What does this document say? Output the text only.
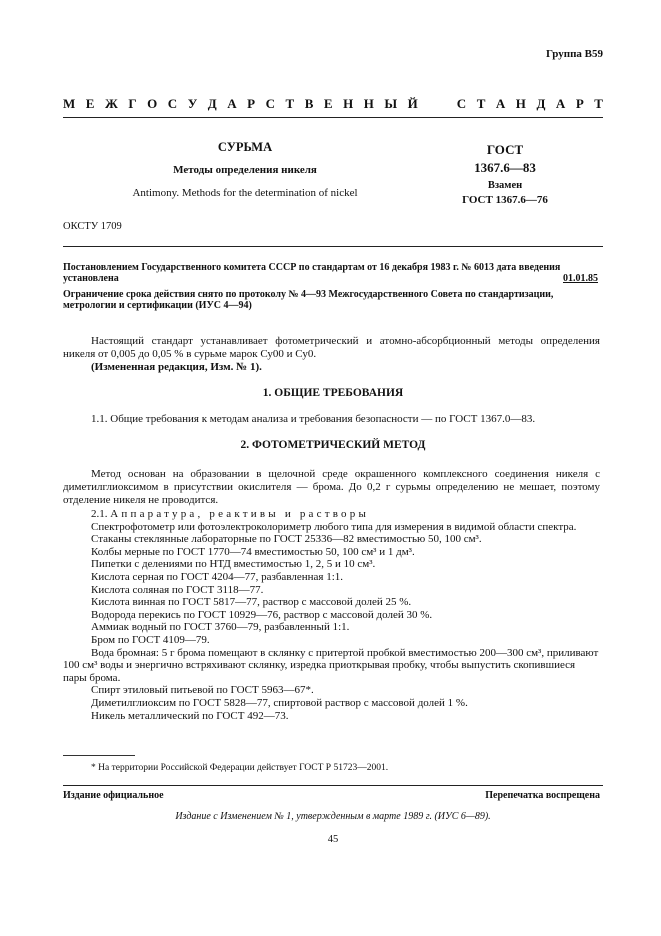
Группа В59
М Е Ж Г О С У Д А Р С Т В Е Н Н Ы Й	С Т А Н Д А Р Т
СУРЬМА
Методы определения никеля
Antimony. Methods for the determination of nickel
ГОСТ
1367.6—83
Взамен
ГОСТ 1367.6—76
ОКСТУ 1709
Постановлением Государственного комитета СССР по стандартам от 16 декабря 1983 г. № 6013 дата введения установлена	01.01.85
Ограничение срока действия снято по протоколу № 4—93 Межгосударственного Совета по стандартизации, метрологии и сертификации (ИУС 4—94)
Настоящий стандарт устанавливает фотометрический и атомно-абсорбционный методы определения никеля от 0,005 до 0,05 % в сурьме марок Су00 и Су0.
(Измененная редакция, Изм. № 1).
1. ОБЩИЕ ТРЕБОВАНИЯ
1.1. Общие требования к методам анализа и требования безопасности — по ГОСТ 1367.0—83.
2. ФОТОМЕТРИЧЕСКИЙ МЕТОД
Метод основан на образовании в щелочной среде окрашенного комплексного соединения никеля с диметилглиоксимом в присутствии окислителя — брома. До 0,2 г сурьмы определению не мешает, поэтому отделение никеля не проводится.
2.1. Аппаратура, реактивы и растворы
Спектрофотометр или фотоэлектроколориметр любого типа для измерения в видимой области спектра.
Стаканы стеклянные лабораторные по ГОСТ 25336—82 вместимостью 50, 100 см³.
Колбы мерные по ГОСТ 1770—74 вместимостью 50, 100 см³ и 1 дм³.
Пипетки с делениями по НТД вместимостью 1, 2, 5 и 10 см³.
Кислота серная по ГОСТ 4204—77, разбавленная 1:1.
Кислота соляная по ГОСТ 3118—77.
Кислота винная по ГОСТ 5817—77, раствор с массовой долей 25 %.
Водорода перекись по ГОСТ 10929—76, раствор с массовой долей 30 %.
Аммиак водный по ГОСТ 3760—79, разбавленный 1:1.
Бром по ГОСТ 4109—79.
Вода бромная: 5 г брома помещают в склянку с притертой пробкой вместимостью 200—300 см³, приливают 100 см³ воды и энергично встряхивают склянку, изредка приоткрывая пробку, чтобы выпустить скопившиеся пары брома.
Спирт этиловый питьевой по ГОСТ 5963—67*.
Диметилглиоксим по ГОСТ 5828—77, спиртовой раствор с массовой долей 1 %.
Никель металлический по ГОСТ 492—73.
* На территории Российской Федерации действует ГОСТ Р 51723—2001.
Издание официальное	Перепечатка воспрещена
Издание с Изменением № 1, утвержденным в марте 1989 г. (ИУС 6—89).
45
